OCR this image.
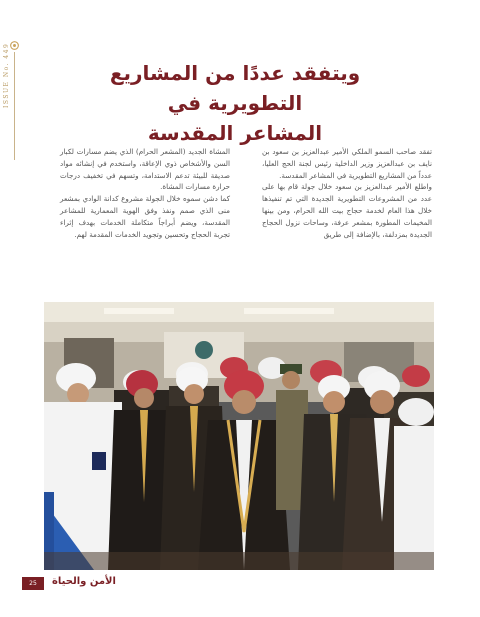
ISSUE No. 449	ويتفقد عددًا من المشاريع التطويرية في
المشاعر المقدسة

تفقد صاحب السمو الملكي الأمير عبدالعزيز بن سعود بن نايف بن عبدالعزيز وزير الداخلية رئيس لجنة الحج العليا، عدداً من المشاريع التطويرية في المشاعر المقدسة.

واطلع الأمير عبدالعزيز بن سعود خلال جولة قام بها على عدد من المشروعات التطويرية الجديدة التي تم تنفيذها خلال هذا العام لخدمة حجاج بيت الله الحرام، ومن بينها المخيمات المطورة بمشعر عرفة، وساحات نزول الحجاج الجديدة بمزدلفة، بالإضافة إلى طريق

المشاة الجديد (المشعر الحرام) الذي يضم مسارات لكبار السن والأشخاص ذوي الإعاقة، واستخدم في إنشائه مواد صديقة للبيئة تدعم الاستدامة، وتسهم في تخفيف درجات حرارة مسارات المشاة.

كما دشن سموه خلال الجولة مشروع كدانة الوادي بمشعر منى الذي صمم ونفذ وفق الهوية المعمارية للمشاعر المقدسة، ويضم أبراجاً متكاملة الخدمات بهدف إثراء تجربة الحجاج وتحسين وتجويد الخدمات المقدمة لهم.

25	الأمن والحياة
